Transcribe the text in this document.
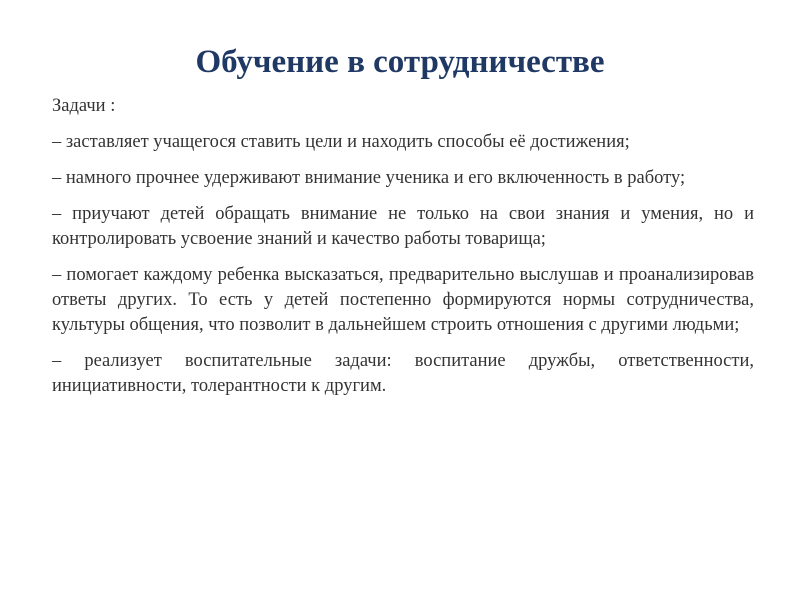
Обучение в сотрудничестве

Задачи :

– заставляет учащегося ставить цели и находить способы её достижения;

– намного прочнее удерживают внимание ученика и его включенность в работу;

– приучают детей обращать внимание не только на свои знания и умения, но и контролировать усвоение знаний и качество работы товарища;

– помогает каждому ребенка высказаться, предварительно выслушав и проанализировав ответы других. То есть у детей постепенно формируются нормы сотрудничества, культуры общения, что позволит в дальнейшем строить отношения с другими людьми;

– реализует воспитательные задачи: воспитание дружбы, ответственности, инициативности, толерантности к другим.
